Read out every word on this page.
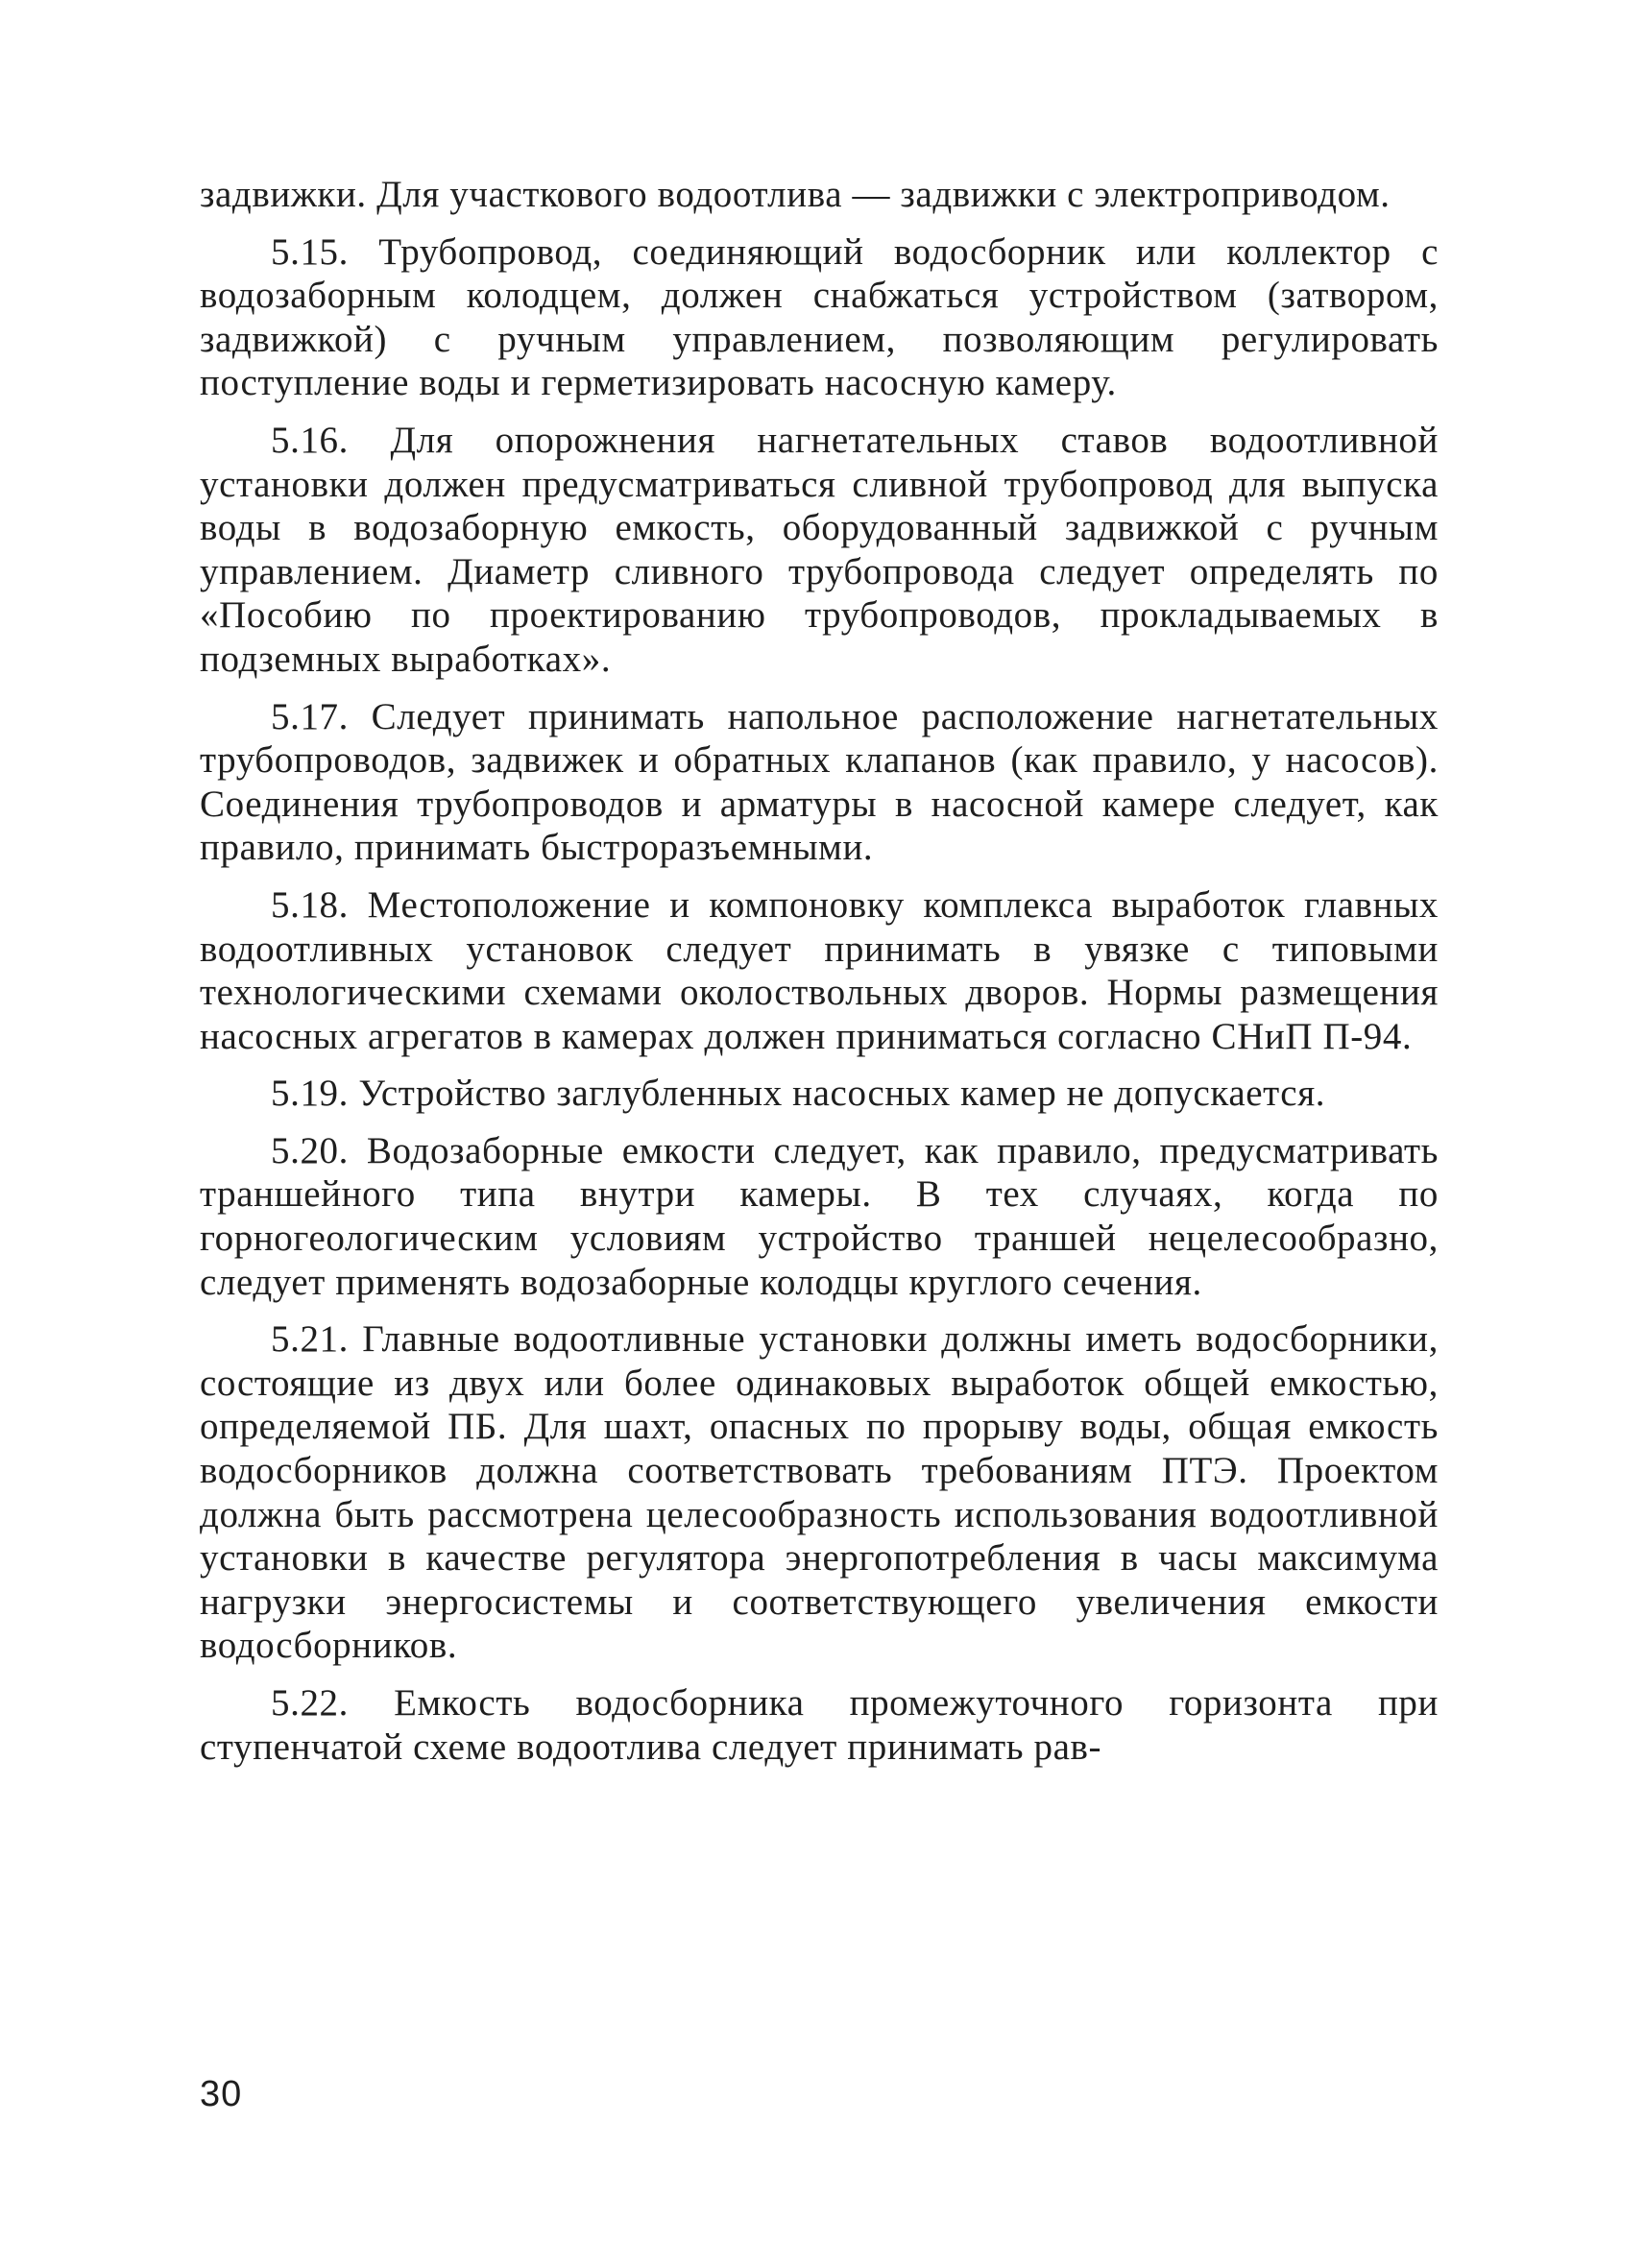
задвижки. Для участкового водоотлива — задвижки с электроприводом.

5.15. Трубопровод, соединяющий водосборник или коллектор с водозаборным колодцем, должен снабжаться устройством (затвором, задвижкой) с ручным управлением, позволяющим регулировать поступление воды и герметизировать насосную камеру.

5.16. Для опорожнения нагнетательных ставов водоотливной установки должен предусматриваться сливной трубопровод для выпуска воды в водозаборную емкость, оборудованный задвижкой с ручным управлением. Диаметр сливного трубопровода следует определять по «Пособию по проектированию трубопроводов, прокладываемых в подземных выработках».

5.17. Следует принимать напольное расположение нагнетательных трубопроводов, задвижек и обратных клапанов (как правило, у насосов). Соединения трубопроводов и арматуры в насосной камере следует, как правило, принимать быстроразъемными.

5.18. Местоположение и компоновку комплекса выработок главных водоотливных установок следует принимать в увязке с типовыми технологическими схемами околоствольных дворов. Нормы размещения насосных агрегатов в камерах должен приниматься согласно СНиП П-94.

5.19. Устройство заглубленных насосных камер не допускается.

5.20. Водозаборные емкости следует, как правило, предусматривать траншейного типа внутри камеры. В тех случаях, когда по горногеологическим условиям устройство траншей нецелесообразно, следует применять водозаборные колодцы круглого сечения.

5.21. Главные водоотливные установки должны иметь водосборники, состоящие из двух или более одинаковых выработок общей емкостью, определяемой ПБ. Для шахт, опасных по прорыву воды, общая емкость водосборников должна соответствовать требованиям ПТЭ. Проектом должна быть рассмотрена целесообразность использования водоотливной установки в качестве регулятора энергопотребления в часы максимума нагрузки энергосистемы и соответствующего увеличения емкости водосборников.

5.22. Емкость водосборника промежуточного горизонта при ступенчатой схеме водоотлива следует принимать рав-

30
